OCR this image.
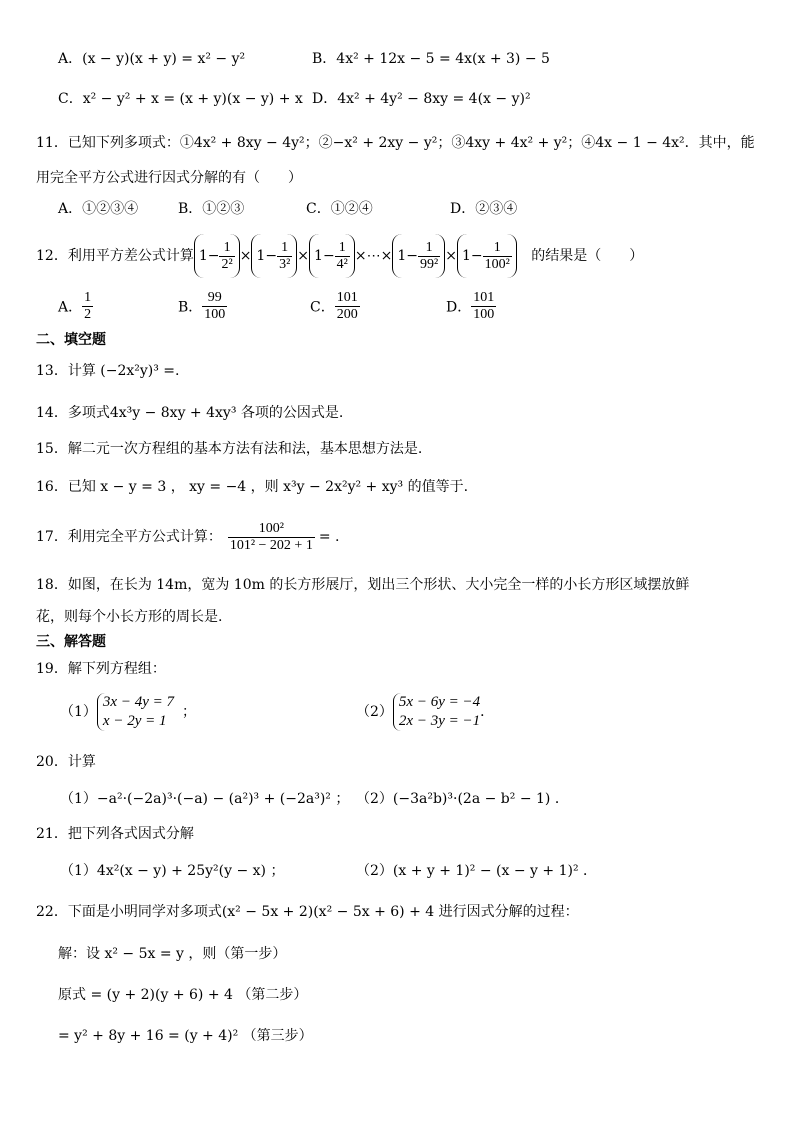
A．(x − y)(x + y) = x² − y²	B．4x² + 12x − 5 = 4x(x + 3) − 5
C．x² − y² + x = (x + y)(x − y) + x D．4x² + 4y² − 8xy = 4(x − y)²
11．已知下列多项式：①4x² + 8xy − 4y²；②−x² + 2xy − y²；③4xy + 4x² + y²；④4x − 1 − 4x²．其中，能
用完全平方公式进行因式分解的有（　　）
A．①②③④	B．①②③	C．①②④	D．②③④
12．利用平方差公式计算 $1- \frac{1}{\text{2²}} \times 1- \frac{1}{\text{3²}} \times 1- \frac{1}{\text{4²}}$ ×⋯× $1- \frac{1}{\text{99²}} \times 1- \frac{1}{\text{100²}}$ 的结果是（　　）
A． $\frac{1}{2}$	B． $\frac{99}{100}$	C． $\frac{101}{200}$	D． $\frac{101}{100}$
二、填空题
13．计算 (−2x²y)³ =.
14．多项式4x³y − 8xy + 4xy³ 各项的公因式是.
15．解二元一次方程组的基本方法有法和法，基本思想方法是.
16．已知 x − y = 3 ， xy = −4 ，则 x³y − 2x²y² + xy³ 的值等于.
17．利用完全平方公式计算： $\frac{\text{100²}}{\text{101² − 202 + 1}}$ = .
18．如图，在长为 14m，宽为 10m 的长方形展厅，划出三个形状、大小完全一样的小长方形区域摆放鲜
花，则每个小长方形的周长是.
三、解答题
19．解下列方程组：
（1）
3x − 4y = 7
x − 2y = 1
；	（2）
5x − 6y = −4
2x − 3y = −1
．
20．计算
（1）−a²·(−2a)³·(−a) − (a²)³ + (−2a³)² ； （2）(−3a²b)³·(2a − b² − 1) ．
21．把下列各式因式分解
（1）4x²(x − y) + 25y²(y − x) ；	（2）(x + y + 1)² − (x − y + 1)² ．
22．下面是小明同学对多项式(x² − 5x + 2)(x² − 5x + 6) + 4 进行因式分解的过程：
解：设 x² − 5x = y ，则（第一步）
原式 = (y + 2)(y + 6) + 4 （第二步）
= y² + 8y + 16 = (y + 4)² （第三步）
